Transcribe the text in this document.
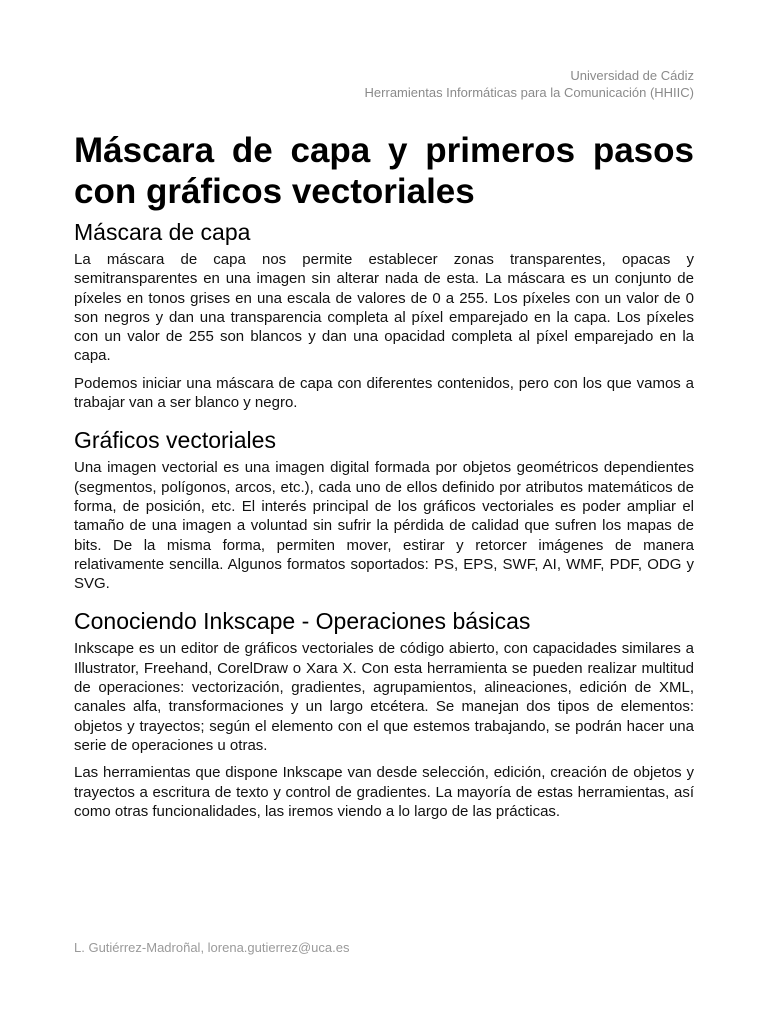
Universidad de Cádiz
Herramientas Informáticas para la Comunicación (HHIIC)
Máscara de capa y primeros pasos con gráficos vectoriales
Máscara de capa

La máscara de capa nos permite establecer zonas transparentes, opacas y semitransparentes en una imagen sin alterar nada de esta. La máscara es un conjunto de píxeles en tonos grises en una escala de valores de 0 a 255. Los píxeles con un valor de 0 son negros y dan una transparencia completa al píxel emparejado en la capa. Los píxeles con un valor de 255 son blancos y dan una opacidad completa al píxel emparejado en la capa.

Podemos iniciar una máscara de capa con diferentes contenidos, pero con los que vamos a trabajar van a ser blanco y negro.

Gráficos vectoriales

Una imagen vectorial es una imagen digital formada por objetos geométricos dependientes (segmentos, polígonos, arcos, etc.), cada uno de ellos definido por atributos matemáticos de forma, de posición, etc. El interés principal de los gráficos vectoriales es poder ampliar el tamaño de una imagen a voluntad sin sufrir la pérdida de calidad que sufren los mapas de bits. De la misma forma, permiten mover, estirar y retorcer imágenes de manera relativamente sencilla. Algunos formatos soportados: PS, EPS, SWF, AI, WMF, PDF, ODG y SVG.

Conociendo Inkscape - Operaciones básicas

Inkscape es un editor de gráficos vectoriales de código abierto, con capacidades similares a Illustrator, Freehand, CorelDraw o Xara X. Con esta herramienta se pueden realizar multitud de operaciones: vectorización, gradientes, agrupamientos, alineaciones, edición de XML, canales alfa, transformaciones y un largo etcétera. Se manejan dos tipos de elementos: objetos y trayectos; según el elemento con el que estemos trabajando, se podrán hacer una serie de operaciones u otras.

Las herramientas que dispone Inkscape van desde selección, edición, creación de objetos y trayectos a escritura de texto y control de gradientes. La mayoría de estas herramientas, así como otras funcionalidades, las iremos viendo a lo largo de las prácticas.

L. Gutiérrez-Madroñal, lorena.gutierrez@uca.es
